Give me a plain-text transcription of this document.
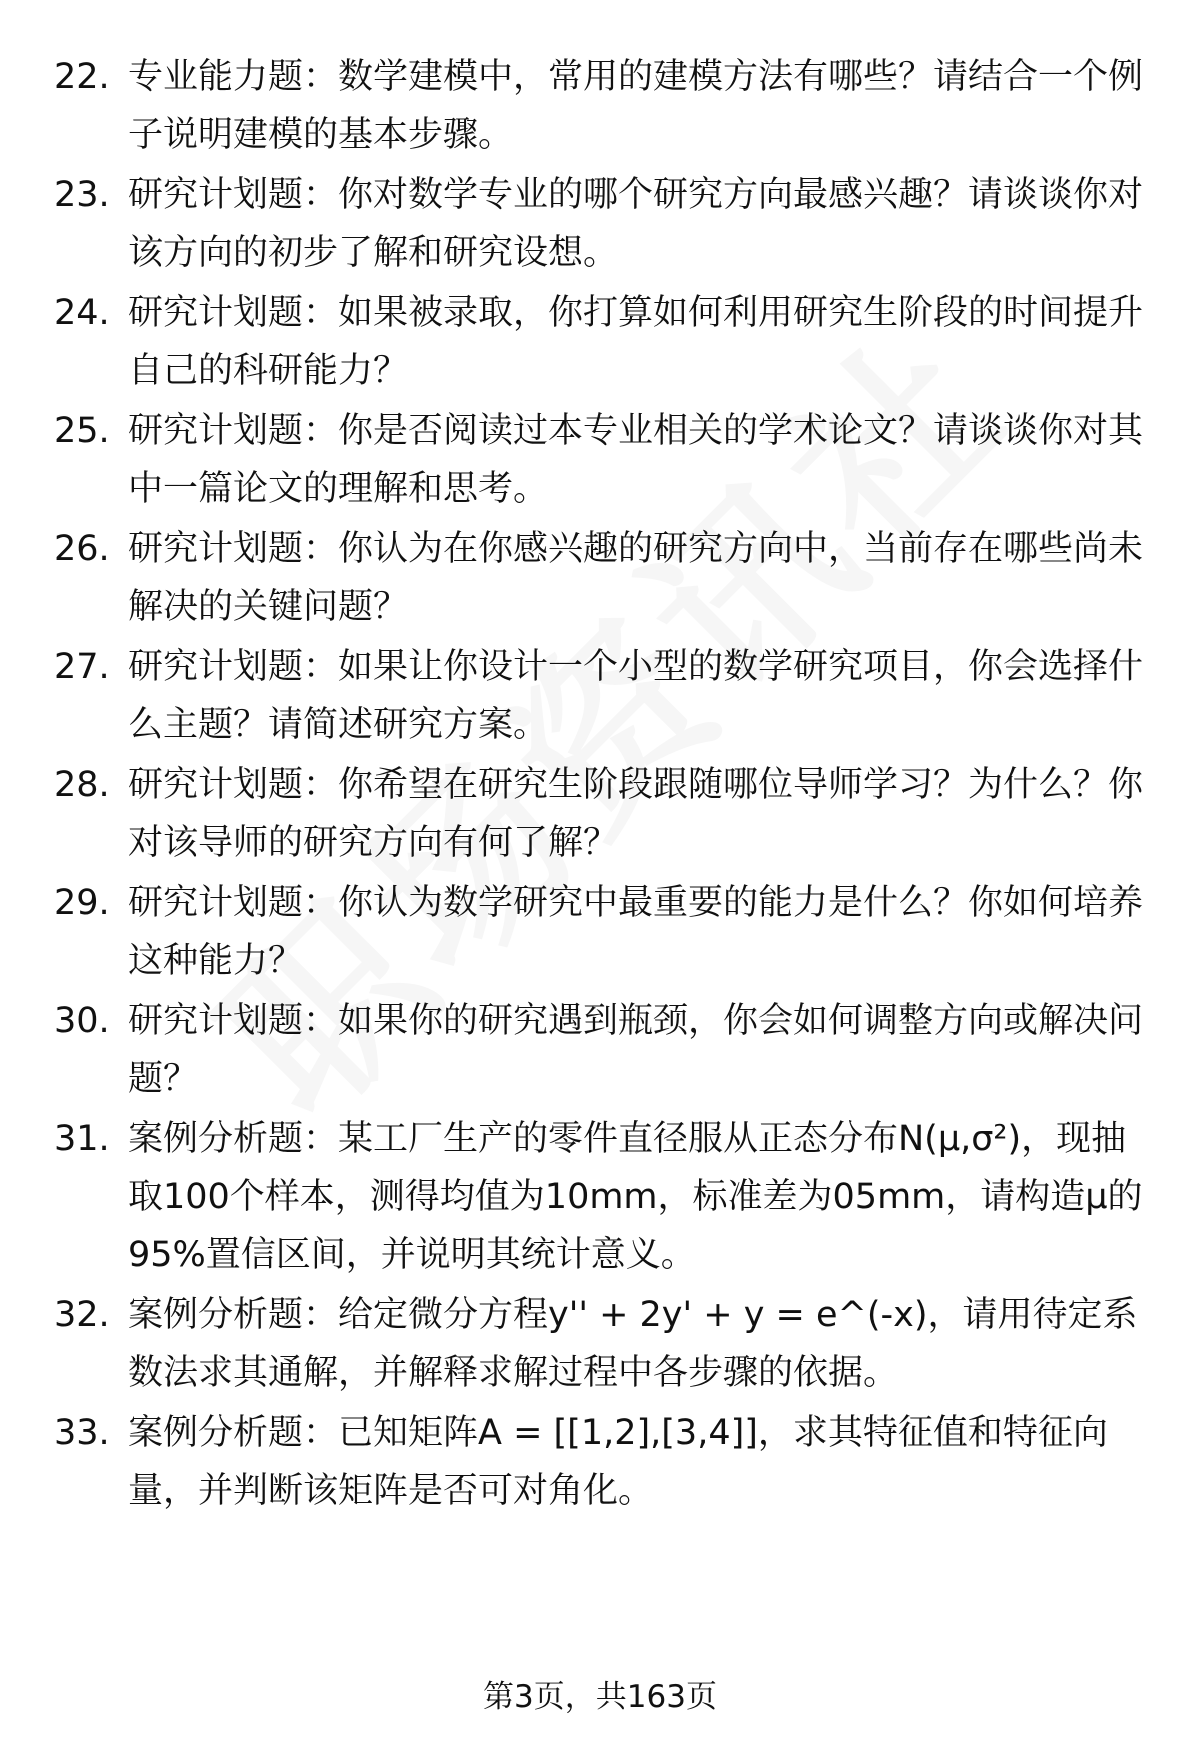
22. 专业能力题：数学建模中，常用的建模方法有哪些？请结合一个例子说明建模的基本步骤。
23. 研究计划题：你对数学专业的哪个研究方向最感兴趣？请谈谈你对该方向的初步了解和研究设想。
24. 研究计划题：如果被录取，你打算如何利用研究生阶段的时间提升自己的科研能力？
25. 研究计划题：你是否阅读过本专业相关的学术论文？请谈谈你对其中一篇论文的理解和思考。
26. 研究计划题：你认为在你感兴趣的研究方向中，当前存在哪些尚未解决的关键问题？
27. 研究计划题：如果让你设计一个小型的数学研究项目，你会选择什么主题？请简述研究方案。
28. 研究计划题：你希望在研究生阶段跟随哪位导师学习？为什么？你对该导师的研究方向有何了解？
29. 研究计划题：你认为数学研究中最重要的能力是什么？你如何培养这种能力？
30. 研究计划题：如果你的研究遇到瓶颈，你会如何调整方向或解决问题？
31. 案例分析题：某工厂生产的零件直径服从正态分布N(μ,σ²)，现抽取100个样本，测得均值为10mm，标准差为05mm，请构造μ的95%置信区间，并说明其统计意义。
32. 案例分析题：给定微分方程y'' + 2y' + y = e^(-x)，请用待定系数法求其通解，并解释求解过程中各步骤的依据。
33. 案例分析题：已知矩阵A = [[1,2],[3,4]]，求其特征值和特征向量，并判断该矩阵是否可对角化。
第3页，共163页
